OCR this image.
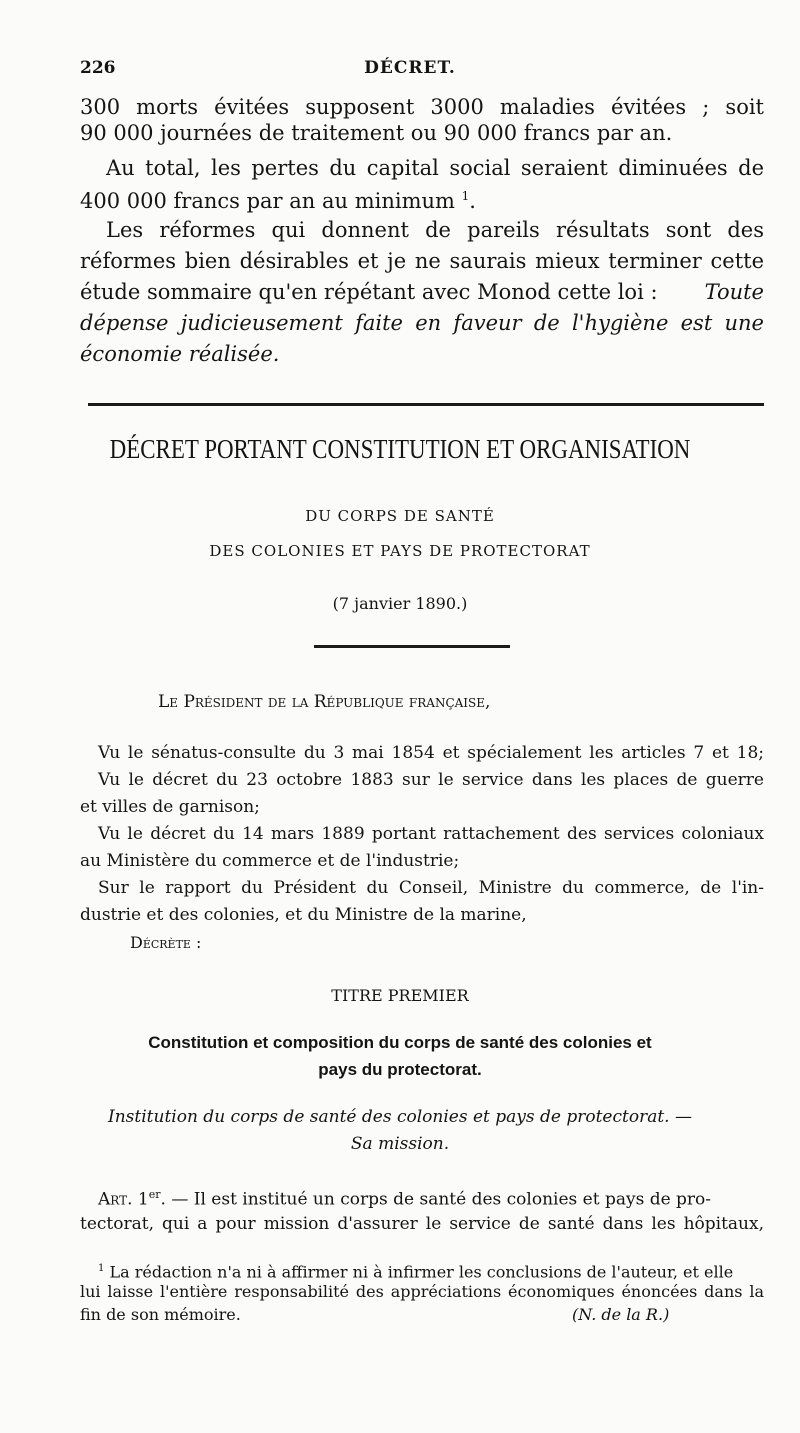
226	DÉCRET.

300 morts évitées supposent 3000 maladies évitées ; soit

90 000 journées de traitement ou 90 000 francs par an.

Au total, les pertes du capital social seraient diminuées de

400 000 francs par an au minimum $^1$.

Les réformes qui donnent de pareils résultats sont des

réformes bien désirables et je ne saurais mieux terminer cette

étude sommaire qu'en répétant avec Monod cette loi : Toute

dépense judicieusement faite en faveur de l'hygiène est une

économie réalisée.

DÉCRET PORTANT CONSTITUTION ET ORGANISATION

DU CORPS DE SANTÉ

DES COLONIES ET PAYS DE PROTECTORAT

(7 janvier 1890.)

Le Président de la République française,

Vu le sénatus-consulte du 3 mai 1854 et spécialement les articles 7 et 18;

Vu le décret du 23 octobre 1883 sur le service dans les places de guerre

et villes de garnison;

Vu le décret du 14 mars 1889 portant rattachement des services coloniaux

au Ministère du commerce et de l'industrie;

Sur le rapport du Président du Conseil, Ministre du commerce, de l'in-

dustrie et des colonies, et du Ministre de la marine,

Décrète :

TITRE PREMIER

Constitution et composition du corps de santé des colonies et

pays du protectorat.

Institution du corps de santé des colonies et pays de protectorat. —

Sa mission.

Art. 1er. — Il est institué un corps de santé des colonies et pays de pro-

tectorat, qui a pour mission d'assurer le service de santé dans les hôpitaux,

$^1$ La rédaction n'a ni à affirmer ni à infirmer les conclusions de l'auteur, et elle

lui laisse l'entière responsabilité des appréciations économiques énoncées dans la

fin de son mémoire.	(N. de la R.)
